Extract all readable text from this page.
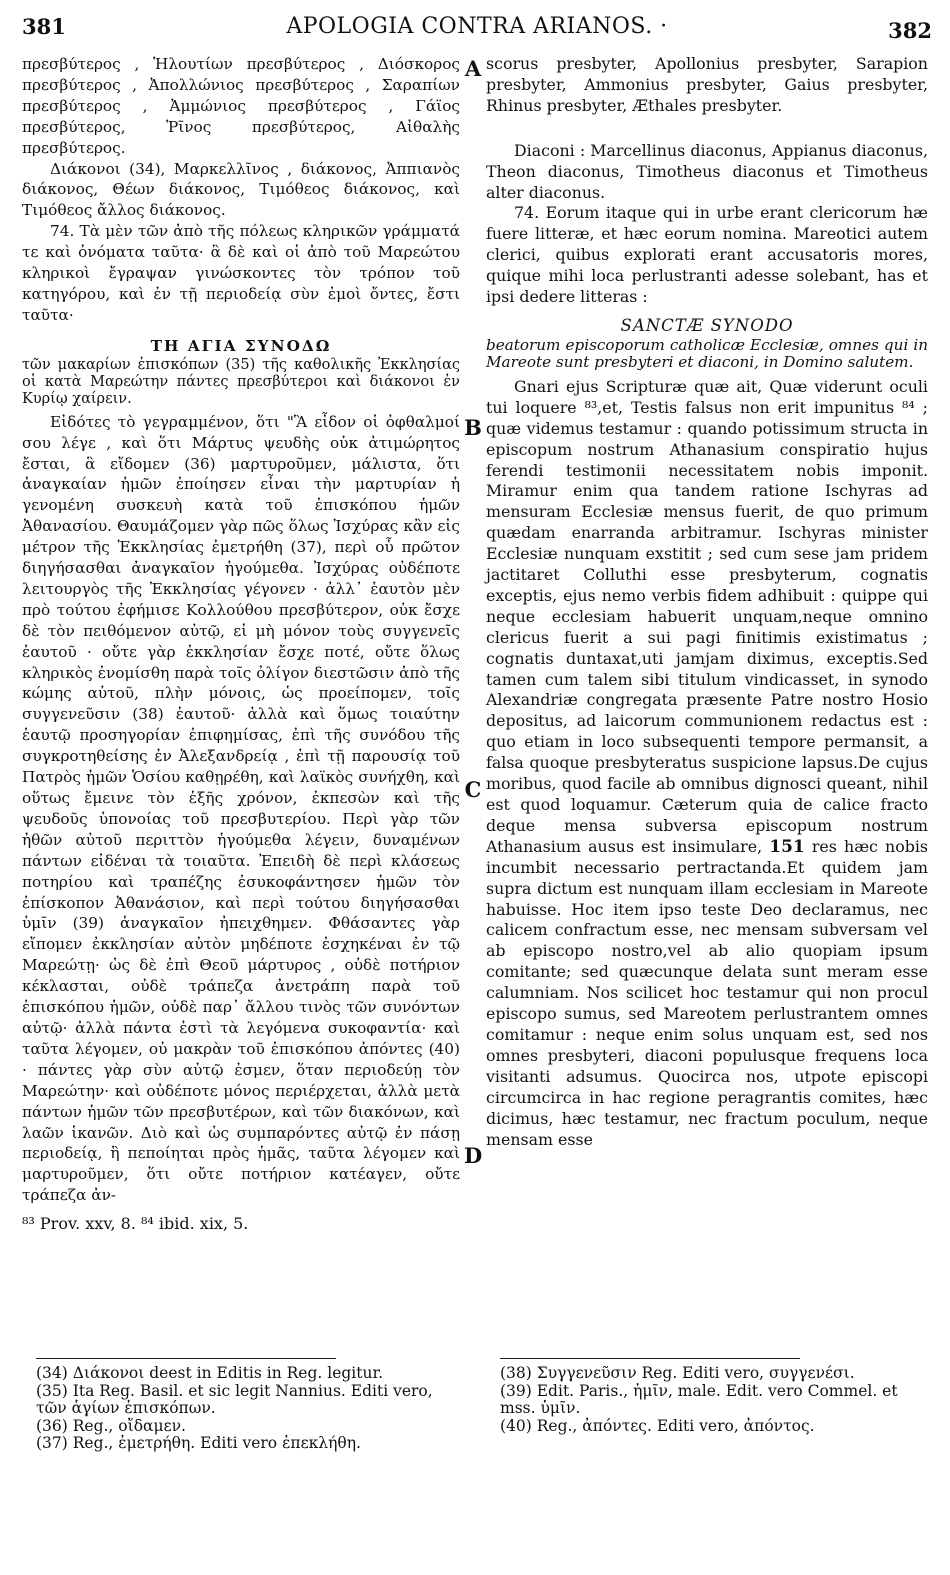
381	APOLOGIA CONTRA ARIANOS. ·	382
A
B
C
D

πρεσβύτερος , Ἡλουτίων πρεσβύτερος , Διόσκορος πρεσβύτερος , Ἀπολλώνιος πρεσβύτερος , Σαραπίων πρεσβύτερος , Ἀμμώνιος πρεσβύτερος , Γάϊος πρεσβύτερος, Ῥῖνος πρεσβύτερος, Αἰθαλὴς πρεσβύτερος.

Διάκονοι (34), Μαρκελλῖνος , διάκονος, Ἀππιανὸς διάκονος, Θέων διάκονος, Τιμόθεος διάκονος, καὶ Τιμόθεος ἄλλος διάκονος.

74. Τὰ μὲν τῶν ἀπὸ τῆς πόλεως κληρικῶν γράμματά τε καὶ ὀνόματα ταῦτα· ἃ δὲ καὶ οἱ ἀπὸ τοῦ Μαρεώτου κληρικοὶ ἔγραψαν γινώσκοντες τὸν τρόπον τοῦ κατηγόρου, καὶ ἐν τῇ περιοδείᾳ σὺν ἐμοὶ ὄντες, ἔστι ταῦτα·

ΤΗ ΑΓΙΑ ΣΥΝΟΔΩ

τῶν μακαρίων ἐπισκόπων (35) τῆς καθολικῆς Ἐκκλησίας οἱ κατὰ Μαρεώτην πάντες πρεσβύτεροι καὶ διάκονοι ἐν Κυρίῳ χαίρειν.

Εἰδότες τὸ γεγραμμένον, ὅτι "Ἃ εἶδον οἱ ὀφθαλμοί σου λέγε , καὶ ὅτι Μάρτυς ψευδὴς οὐκ ἀτιμώρητος ἔσται, ἃ εἴδομεν (36) μαρτυροῦμεν, μάλιστα, ὅτι ἀναγκαίαν ἡμῶν ἐποίησεν εἶναι τὴν μαρτυρίαν ἡ γενομένη συσκευὴ κατὰ τοῦ ἐπισκόπου ἡμῶν Ἀθανασίου. Θαυμάζομεν γὰρ πῶς ὅλως Ἰσχύρας κἂν εἰς μέτρον τῆς Ἐκκλησίας ἐμετρήθη (37), περὶ οὗ πρῶτον διηγήσασθαι ἀναγκαῖον ἡγούμεθα. Ἰσχύρας οὐδέποτε λειτουργὸς τῆς Ἐκκλησίας γέγονεν · ἀλλ᾽ ἑαυτὸν μὲν πρὸ τούτου ἐφήμισε Κολλούθου πρεσβύτερον, οὐκ ἔσχε δὲ τὸν πειθόμενον αὐτῷ, εἰ μὴ μόνον τοὺς συγγενεῖς ἑαυτοῦ · οὔτε γὰρ ἐκκλησίαν ἔσχε ποτέ, οὔτε ὅλως κληρικὸς ἐνομίσθη παρὰ τοῖς ὀλίγον διεστῶσιν ἀπὸ τῆς κώμης αὐτοῦ, πλὴν μόνοις, ὡς προείπομεν, τοῖς συγγενεῦσιν (38) ἑαυτοῦ· ἀλλὰ καὶ ὅμως τοιαύτην ἑαυτῷ προσηγορίαν ἐπιφημίσας, ἐπὶ τῆς συνόδου τῆς συγκροτηθείσης ἐν Ἀλεξανδρείᾳ , ἐπὶ τῇ παρουσίᾳ τοῦ Πατρὸς ἡμῶν Ὁσίου καθῃρέθη, καὶ λαϊκὸς συνήχθη, καὶ οὕτως ἔμεινε τὸν ἑξῆς χρόνον, ἐκπεσὼν καὶ τῆς ψευδοῦς ὑπονοίας τοῦ πρεσβυτερίου. Περὶ γὰρ τῶν ἠθῶν αὐτοῦ περιττὸν ἡγούμεθα λέγειν, δυναμένων πάντων εἰδέναι τὰ τοιαῦτα. Ἐπειδὴ δὲ περὶ κλάσεως ποτηρίου καὶ τραπέζης ἐσυκοφάντησεν ἡμῶν τὸν ἐπίσκοπον Ἀθανάσιον, καὶ περὶ τούτου διηγήσασθαι ὑμῖν (39) ἀναγκαῖον ἠπειχθημεν. Φθάσαντες γὰρ εἴπομεν ἐκκλησίαν αὐτὸν μηδέποτε ἐσχηκέναι ἐν τῷ Μαρεώτῃ· ὡς δὲ ἐπὶ Θεοῦ μάρτυρος , οὐδὲ ποτήριον κέκλασται, οὐδὲ τράπεζα ἀνετράπη παρὰ τοῦ ἐπισκόπου ἡμῶν, οὐδὲ παρ᾽ ἄλλου τινὸς τῶν συνόντων αὐτῷ· ἀλλὰ πάντα ἐστὶ τὰ λεγόμενα συκοφαντία· καὶ ταῦτα λέγομεν, οὐ μακρὰν τοῦ ἐπισκόπου ἀπόντες (40) · πάντες γὰρ σὺν αὐτῷ ἐσμεν, ὅταν περιοδεύῃ τὸν Μαρεώτην· καὶ οὐδέποτε μόνος περιέρχεται, ἀλλὰ μετὰ πάντων ἡμῶν τῶν πρεσβυτέρων, καὶ τῶν διακόνων, καὶ λαῶν ἱκανῶν. Διὸ καὶ ὡς συμπαρόντες αὐτῷ ἐν πάσῃ περιοδείᾳ, ἣ πεποίηται πρὸς ἡμᾶς, ταῦτα λέγομεν καὶ μαρτυροῦμεν, ὅτι οὔτε ποτήριον κατέαγεν, οὔτε τράπεζα ἀν-

⁸³ Prov. xxv, 8. ⁸⁴ ibid. xix, 5.

scorus presbyter, Apollonius presbyter, Sarapion presbyter, Ammonius presbyter, Gaius presbyter, Rhinus presbyter, Æthales presbyter.

Diaconi : Marcellinus diaconus, Appianus diaconus, Theon diaconus, Timotheus diaconus et Timotheus alter diaconus.

74. Eorum itaque qui in urbe erant clericorum hæ fuere litteræ, et hæc eorum nomina. Mareotici autem clerici, quibus explorati erant accusatoris mores, quique mihi loca perlustranti adesse solebant, has et ipsi dedere litteras :

SANCTÆ SYNODO

beatorum episcoporum catholicæ Ecclesiæ, omnes qui in Mareote sunt presbyteri et diaconi, in Domino salutem.

Gnari ejus Scripturæ quæ ait, Quæ viderunt oculi tui loquere ⁸³,et, Testis falsus non erit impunitus ⁸⁴ ; quæ videmus testamur : quando potissimum structa in episcopum nostrum Athanasium conspiratio hujus ferendi testimonii necessitatem nobis imponit. Miramur enim qua tandem ratione Ischyras ad mensuram Ecclesiæ mensus fuerit, de quo primum quædam enarranda arbitramur. Ischyras minister Ecclesiæ nunquam exstitit ; sed cum sese jam pridem jactitaret Colluthi esse presbyterum, cognatis exceptis, ejus nemo verbis fidem adhibuit : quippe qui neque ecclesiam habuerit unquam,neque omnino clericus fuerit a sui pagi finitimis existimatus ; cognatis duntaxat,uti jamjam diximus, exceptis.Sed tamen cum talem sibi titulum vindicasset, in synodo Alexandriæ congregata præsente Patre nostro Hosio depositus, ad laicorum communionem redactus est : quo etiam in loco subsequenti tempore permansit, a falsa quoque presbyteratus suspicione lapsus.De cujus moribus, quod facile ab omnibus dignosci queant, nihil est quod loquamur. Cæterum quia de calice fracto deque mensa subversa episcopum nostrum Athanasium ausus est insimulare, 151 res hæc nobis incumbit necessario pertractanda.Et quidem jam supra dictum est nunquam illam ecclesiam in Mareote habuisse. Hoc item ipso teste Deo declaramus, nec calicem confractum esse, nec mensam subversam vel ab episcopo nostro,vel ab alio quopiam ipsum comitante; sed quæcunque delata sunt meram esse calumniam. Nos scilicet hoc testamur qui non procul episcopo sumus, sed Mareotem perlustrantem omnes comitamur : neque enim solus unquam est, sed nos omnes presbyteri, diaconi populusque frequens loca visitanti adsumus. Quocirca nos, utpote episcopi circumcirca in hac regione peragrantis comites, hæc dicimus, hæc testamur, nec fractum poculum, neque mensam esse

(34) Διάκονοι deest in Editis in Reg. legitur.
(35) Ita Reg. Basil. et sic legit Nannius. Editi vero, τῶν ἁγίων ἐπισκόπων.
(36) Reg., οἴδαμεν.
(37) Reg., ἐμετρήθη. Editi vero ἐπεκλήθη.
(38) Συγγενεῦσιν Reg. Editi vero, συγγενέσι.
(39) Edit. Paris., ἡμῖν, male. Edit. vero Commel. et mss. ὑμῖν.
(40) Reg., ἀπόντες. Editi vero, ἀπόντος.
